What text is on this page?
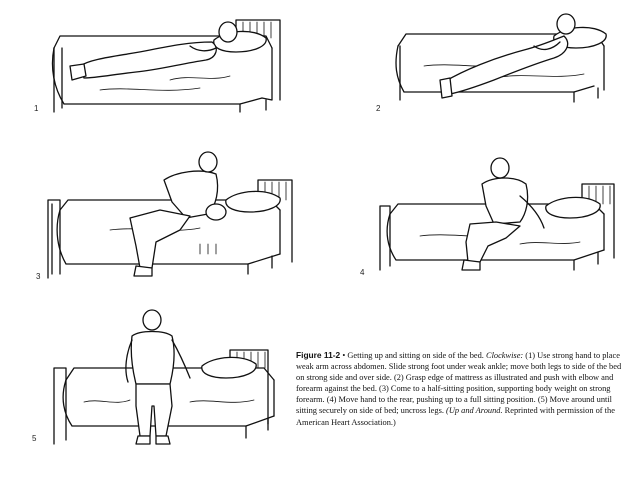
1	2
3	4
5
Figure 11-2 • Getting up and sitting on side of the bed. Clockwise: (1) Use strong hand to place weak arm across abdomen. Slide strong foot under weak ankle; move both legs to side of the bed on strong side and over side. (2) Grasp edge of mattress as illustrated and push with elbow and forearm against the bed. (3) Come to a half-sitting position, supporting body weight on strong forearm. (4) Move hand to the rear, pushing up to a full sitting position. (5) Move around until sitting securely on side of bed; uncross legs. (Up and Around. Reprinted with permission of the American Heart Association.)
